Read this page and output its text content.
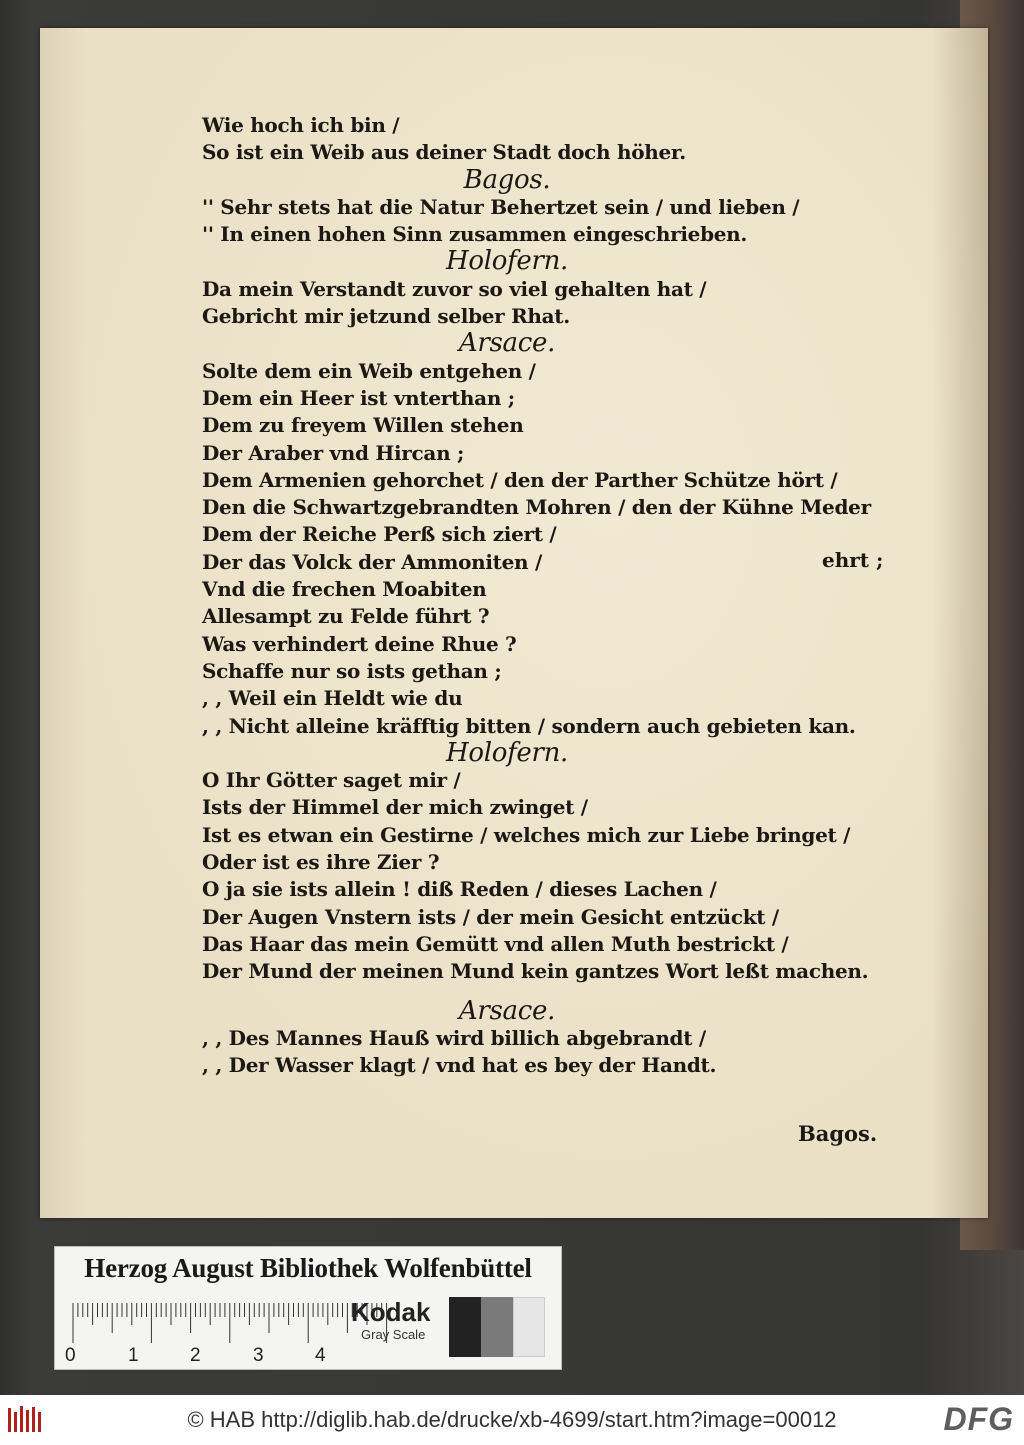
Wie hoch ich bin /
So ist ein Weib aus deiner Stadt doch höher.
Bagos.
'' Sehr stets hat die Natur Behertzet sein / und lieben /
'' In einen hohen Sinn zusammen eingeschrieben.
Holofern.
Da mein Verstandt zuvor so viel gehalten hat /
Gebricht mir jetzund selber Rhat.
Arsace.
Solte dem ein Weib entgehen /
Dem ein Heer ist vnterthan ;
Dem zu freyem Willen stehen
Der Araber vnd Hircan ;
Dem Armenien gehorchet / den der Parther Schütze hört /
Den die Schwartzgebrandten Mohren / den der Kühne Meder
Dem der Reiche Perß sich ziert /
Der das Volck der Ammoniten /
Vnd die frechen Moabiten
Allesampt zu Felde führt ?
Was verhindert deine Rhue ?
Schaffe nur so ists gethan ;
, , Weil ein Heldt wie du
, , Nicht alleine kräfftig bitten / sondern auch gebieten kan.
Holofern.
O Ihr Götter saget mir /
Ists der Himmel der mich zwinget /
Ist es etwan ein Gestirne / welches mich zur Liebe bringet /
Oder ist es ihre Zier ?
O ja sie ists allein ! diß Reden / dieses Lachen /
Der Augen Vnstern ists / der mein Gesicht entzückt /
Das Haar das mein Gemütt vnd allen Muth bestrickt /
Der Mund der meinen Mund kein gantzes Wort leßt machen.
Arsace.
, , Des Mannes Hauß wird billich abgebrandt /
, , Der Wasser klagt / vnd hat es bey der Handt.
ehrt ;
Bagos.
Herzog August Bibliothek Wolfenbüttel
0	1	2	3	4
Kodak
Gray Scale
© HAB http://diglib.hab.de/drucke/xb-4699/start.htm?image=00012	DFG
